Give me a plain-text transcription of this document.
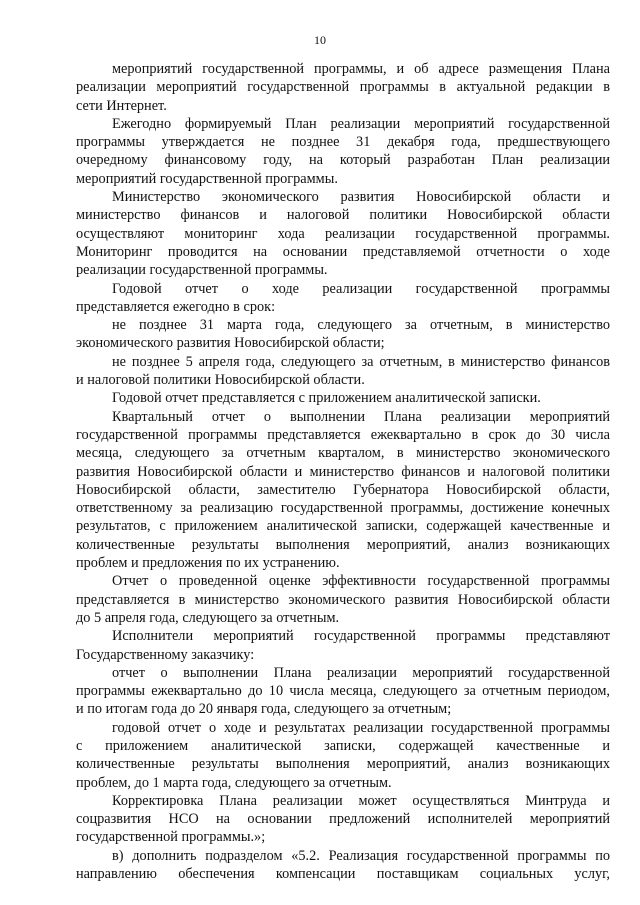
10
мероприятий государственной программы, и об адресе размещения Плана
реализации мероприятий государственной программы в актуальной редакции в
сети Интернет.
Ежегодно формируемый План реализации мероприятий государственной
программы утверждается не позднее 31 декабря года, предшествующего
очередному финансовому году, на который разработан План реализации
мероприятий государственной программы.
Министерство экономического развития Новосибирской области и
министерство финансов и налоговой политики Новосибирской области
осуществляют мониторинг хода реализации государственной программы.
Мониторинг проводится на основании представляемой отчетности о ходе
реализации государственной программы.
Годовой отчет о ходе реализации государственной программы
представляется ежегодно в срок:
не позднее 31 марта года, следующего за отчетным, в министерство
экономического развития Новосибирской области;
не позднее 5 апреля года, следующего за отчетным, в министерство финансов
и налоговой политики Новосибирской области.
Годовой отчет представляется с приложением аналитической записки.
Квартальный отчет о выполнении Плана реализации мероприятий
государственной программы представляется ежеквартально в срок до 30 числа
месяца, следующего за отчетным кварталом, в министерство экономического
развития Новосибирской области и министерство финансов и налоговой политики
Новосибирской области, заместителю Губернатора Новосибирской области,
ответственному за реализацию государственной программы, достижение конечных
результатов, с приложением аналитической записки, содержащей качественные и
количественные результаты выполнения мероприятий, анализ возникающих
проблем и предложения по их устранению.
Отчет о проведенной оценке эффективности государственной программы
представляется в министерство экономического развития Новосибирской области
до 5 апреля года, следующего за отчетным.
Исполнители мероприятий государственной программы представляют
Государственному заказчику:
отчет о выполнении Плана реализации мероприятий государственной
программы ежеквартально до 10 числа месяца, следующего за отчетным периодом,
и по итогам года до 20 января года, следующего за отчетным;
годовой отчет о ходе и результатах реализации государственной программы
с приложением аналитической записки, содержащей качественные и
количественные результаты выполнения мероприятий, анализ возникающих
проблем, до 1 марта года, следующего за отчетным.
Корректировка Плана реализации может осуществляться Минтруда и
соцразвития НСО на основании предложений исполнителей мероприятий
государственной программы.»;
в) дополнить подразделом «5.2. Реализация государственной программы по
направлению обеспечения компенсации поставщикам социальных услуг,
